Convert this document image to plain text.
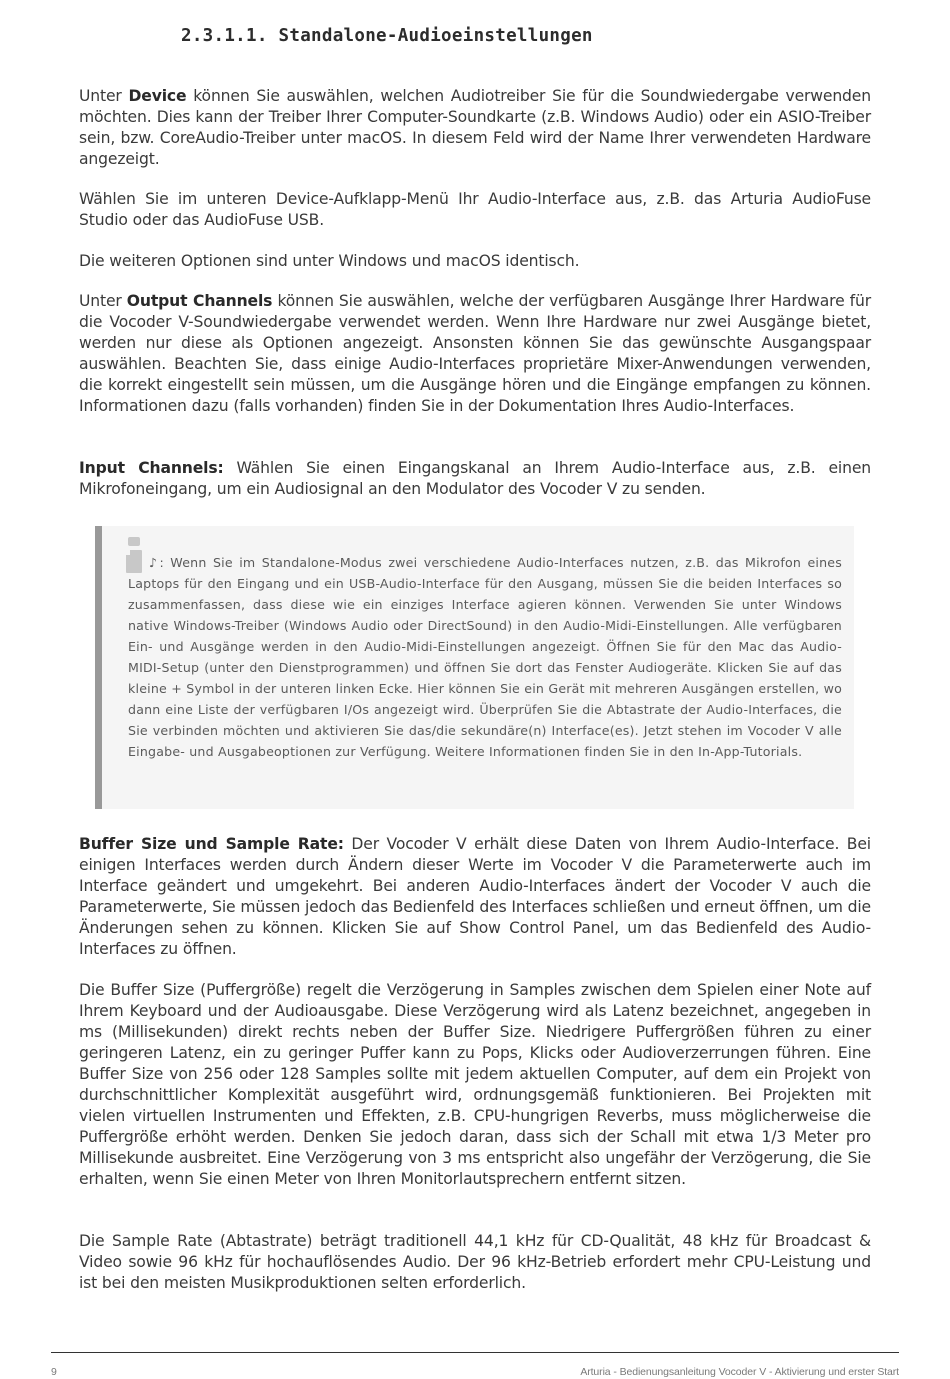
2.3.1.1. Standalone-Audioeinstellungen

Unter Device können Sie auswählen, welchen Audiotreiber Sie für die Soundwiedergabe verwenden möchten. Dies kann der Treiber Ihrer Computer-Soundkarte (z.B. Windows Audio) oder ein ASIO-Treiber sein, bzw. CoreAudio-Treiber unter macOS. In diesem Feld wird der Name Ihrer verwendeten Hardware angezeigt.

Wählen Sie im unteren Device-Aufklapp-Menü Ihr Audio-Interface aus, z.B. das Arturia AudioFuse Studio oder das AudioFuse USB.

Die weiteren Optionen sind unter Windows und macOS identisch.

Unter Output Channels können Sie auswählen, welche der verfügbaren Ausgänge Ihrer Hardware für die Vocoder V-Soundwiedergabe verwendet werden. Wenn Ihre Hardware nur zwei Ausgänge bietet, werden nur diese als Optionen angezeigt. Ansonsten können Sie das gewünschte Ausgangspaar auswählen. Beachten Sie, dass einige Audio-Interfaces proprietäre Mixer-Anwendungen verwenden, die korrekt eingestellt sein müssen, um die Ausgänge hören und die Eingänge empfangen zu können. Informationen dazu (falls vorhanden) finden Sie in der Dokumentation Ihres Audio-Interfaces.

Input Channels: Wählen Sie einen Eingangskanal an Ihrem Audio-Interface aus, z.B. einen Mikrofoneingang, um ein Audiosignal an den Modulator des Vocoder V zu senden.

♪: Wenn Sie im Standalone-Modus zwei verschiedene Audio-Interfaces nutzen, z.B. das Mikrofon eines Laptops für den Eingang und ein USB-Audio-Interface für den Ausgang, müssen Sie die beiden Interfaces so zusammenfassen, dass diese wie ein einziges Interface agieren können. Verwenden Sie unter Windows native Windows-Treiber (Windows Audio oder DirectSound) in den Audio-Midi-Einstellungen. Alle verfügbaren Ein- und Ausgänge werden in den Audio-Midi-Einstellungen angezeigt. Öffnen Sie für den Mac das Audio-MIDI-Setup (unter den Dienstprogrammen) und öffnen Sie dort das Fenster Audiogeräte. Klicken Sie auf das kleine + Symbol in der unteren linken Ecke. Hier können Sie ein Gerät mit mehreren Ausgängen erstellen, wo dann eine Liste der verfügbaren I/Os angezeigt wird. Überprüfen Sie die Abtastrate der Audio-Interfaces, die Sie verbinden möchten und aktivieren Sie das/die sekundäre(n) Interface(es). Jetzt stehen im Vocoder V alle Eingabe- und Ausgabeoptionen zur Verfügung. Weitere Informationen finden Sie in den In-App-Tutorials.

Buffer Size und Sample Rate: Der Vocoder V erhält diese Daten von Ihrem Audio-Interface. Bei einigen Interfaces werden durch Ändern dieser Werte im Vocoder V die Parameterwerte auch im Interface geändert und umgekehrt. Bei anderen Audio-Interfaces ändert der Vocoder V auch die Parameterwerte, Sie müssen jedoch das Bedienfeld des Interfaces schließen und erneut öffnen, um die Änderungen sehen zu können. Klicken Sie auf Show Control Panel, um das Bedienfeld des Audio-Interfaces zu öffnen.

Die Buffer Size (Puffergröße) regelt die Verzögerung in Samples zwischen dem Spielen einer Note auf Ihrem Keyboard und der Audioausgabe. Diese Verzögerung wird als Latenz bezeichnet, angegeben in ms (Millisekunden) direkt rechts neben der Buffer Size. Niedrigere Puffergrößen führen zu einer geringeren Latenz, ein zu geringer Puffer kann zu Pops, Klicks oder Audioverzerrungen führen. Eine Buffer Size von 256 oder 128 Samples sollte mit jedem aktuellen Computer, auf dem ein Projekt von durchschnittlicher Komplexität ausgeführt wird, ordnungsgemäß funktionieren. Bei Projekten mit vielen virtuellen Instrumenten und Effekten, z.B. CPU-hungrigen Reverbs, muss möglicherweise die Puffergröße erhöht werden. Denken Sie jedoch daran, dass sich der Schall mit etwa 1/3 Meter pro Millisekunde ausbreitet. Eine Verzögerung von 3 ms entspricht also ungefähr der Verzögerung, die Sie erhalten, wenn Sie einen Meter von Ihren Monitorlautsprechern entfernt sitzen.

Die Sample Rate (Abtastrate) beträgt traditionell 44,1 kHz für CD-Qualität, 48 kHz für Broadcast & Video sowie 96 kHz für hochauflösendes Audio. Der 96 kHz-Betrieb erfordert mehr CPU-Leistung und ist bei den meisten Musikproduktionen selten erforderlich.

9	Arturia - Bedienungsanleitung Vocoder V - Aktivierung und erster Start
